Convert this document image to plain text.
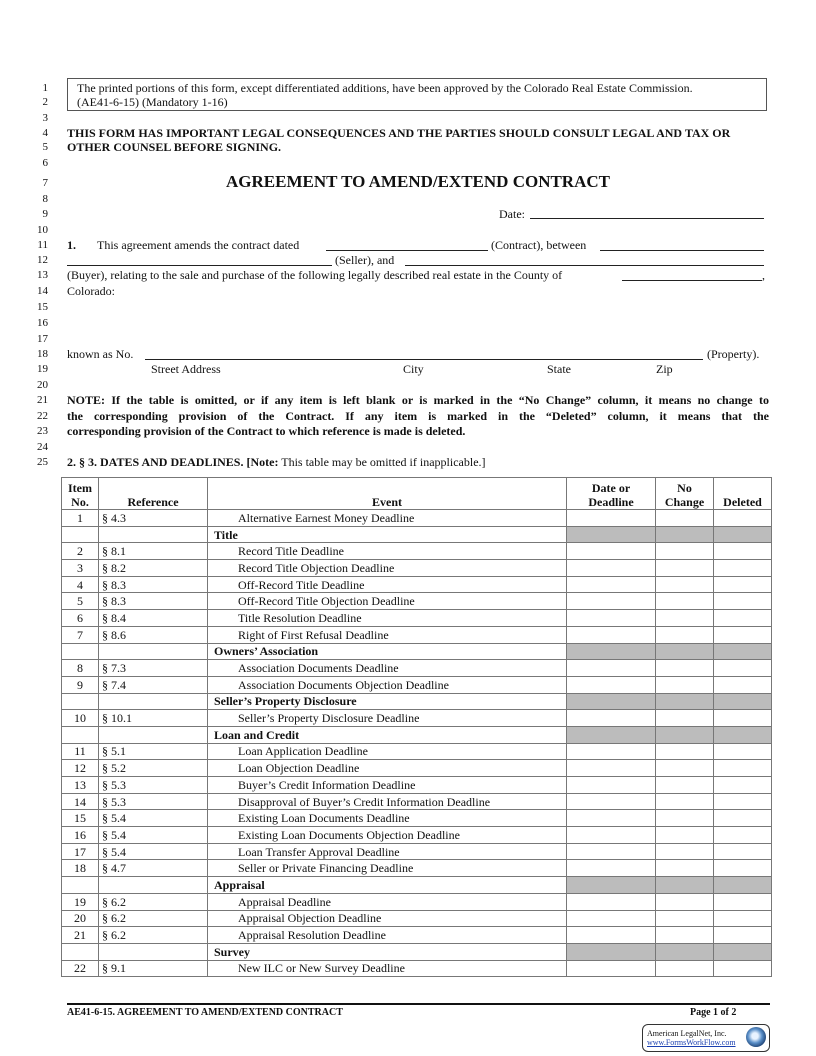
1
2
3
4
5
6
7
8
9
10
11
12
13
14
15
16
17
18
19
20
21
22
23
24
25
The printed portions of this form, except differentiated additions, have been approved by the Colorado Real Estate Commission.
(AE41-6-15) (Mandatory 1-16)
THIS FORM HAS IMPORTANT LEGAL CONSEQUENCES AND THE PARTIES SHOULD CONSULT LEGAL AND TAX OR
OTHER COUNSEL BEFORE SIGNING.
AGREEMENT TO AMEND/EXTEND CONTRACT
Date:
1. This agreement amends the contract dated	(Contract), between
(Seller), and
(Buyer), relating to the sale and purchase of the following legally described real estate in the County of	,
Colorado:
known as No.	(Property).
Street Address	City	State	Zip
NOTE: If the table is omitted, or if any item is left blank or is marked in the “No Change” column, it means no change to
the corresponding provision of the Contract. If any item is marked in the “Deleted” column, it means that the
corresponding provision of the Contract to which reference is made is deleted.
2. § 3. DATES AND DEADLINES. [Note: This table may be omitted if inapplicable.]
Item
No.	Reference	Event	Date or
Deadline	No
Change	Deleted
1	§ 4.3	Alternative Earnest Money Deadline			
		Title			
2	§ 8.1	Record Title Deadline			
3	§ 8.2	Record Title Objection Deadline			
4	§ 8.3	Off-Record Title Deadline			
5	§ 8.3	Off-Record Title Objection Deadline			
6	§ 8.4	Title Resolution Deadline			
7	§ 8.6	Right of First Refusal Deadline			
		Owners’ Association			
8	§ 7.3	Association Documents Deadline			
9	§ 7.4	Association Documents Objection Deadline			
		Seller’s Property Disclosure			
10	§ 10.1	Seller’s Property Disclosure Deadline			
		Loan and Credit			
11	§ 5.1	Loan Application Deadline			
12	§ 5.2	Loan Objection Deadline			
13	§ 5.3	Buyer’s Credit Information Deadline			
14	§ 5.3	Disapproval of Buyer’s Credit Information Deadline			
15	§ 5.4	Existing Loan Documents Deadline			
16	§ 5.4	Existing Loan Documents Objection Deadline			
17	§ 5.4	Loan Transfer Approval Deadline			
18	§ 4.7	Seller or Private Financing Deadline			
		Appraisal			
19	§ 6.2	Appraisal Deadline			
20	§ 6.2	Appraisal Objection Deadline			
21	§ 6.2	Appraisal Resolution Deadline			
		Survey			
22	§ 9.1	New ILC or New Survey Deadline			
AE41-6-15. AGREEMENT TO AMEND/EXTEND CONTRACT	Page 1 of 2
American LegalNet, Inc.
www.FormsWorkFlow.com
